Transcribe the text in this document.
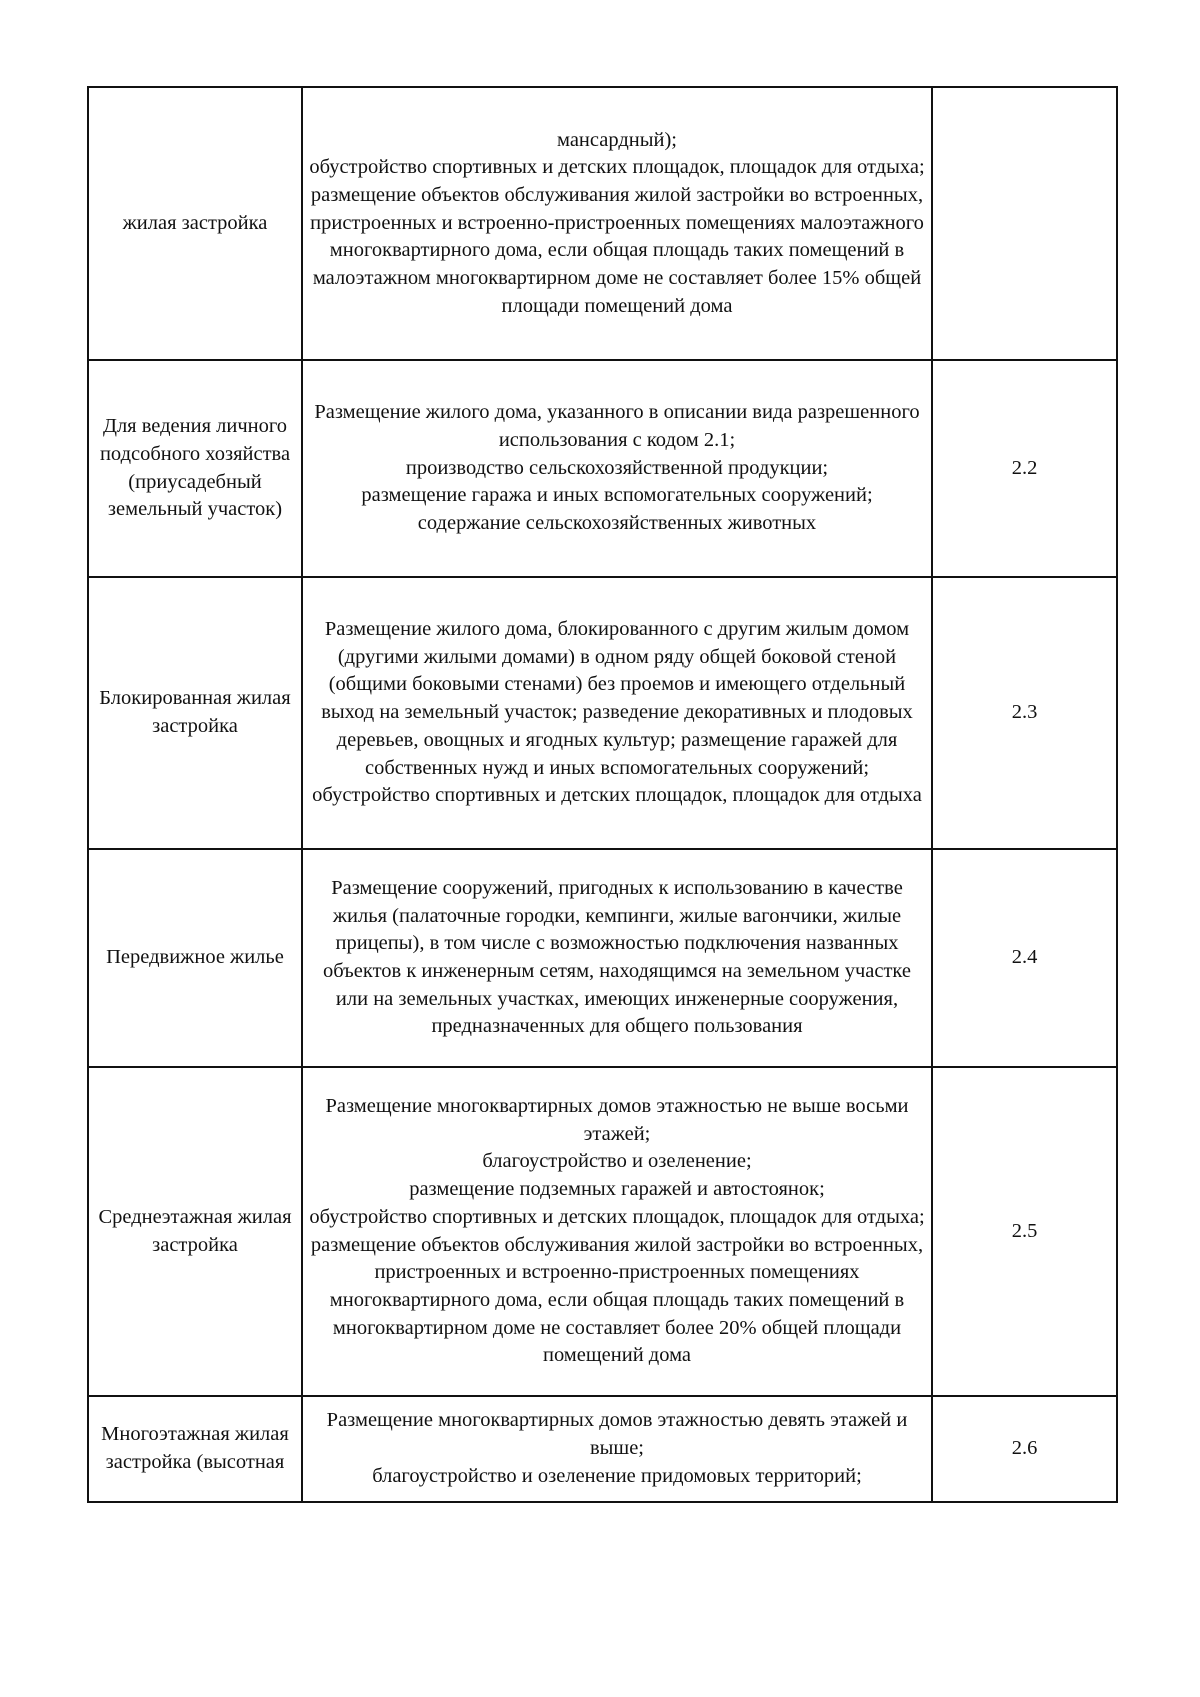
жилая застройка	мансардный);
обустройство спортивных и детских площадок, площадок для отдыха;
размещение объектов обслуживания жилой застройки во встроенных, пристроенных и встроенно-пристроенных помещениях малоэтажного многоквартирного дома, если общая площадь таких помещений в малоэтажном многоквартирном доме не составляет более 15% общей площади помещений дома	
Для ведения личного подсобного хозяйства (приусадебный земельный участок)	Размещение жилого дома, указанного в описании вида разрешенного использования с кодом 2.1;
производство сельскохозяйственной продукции;
размещение гаража и иных вспомогательных сооружений;
содержание сельскохозяйственных животных	2.2
Блокированная жилая застройка	Размещение жилого дома, блокированного с другим жилым домом (другими жилыми домами) в одном ряду общей боковой стеной (общими боковыми стенами) без проемов и имеющего отдельный выход на земельный участок; разведение декоративных и плодовых деревьев, овощных и ягодных культур; размещение гаражей для собственных нужд и иных вспомогательных сооружений; обустройство спортивных и детских площадок, площадок для отдыха	2.3
Передвижное жилье	Размещение сооружений, пригодных к использованию в качестве жилья (палаточные городки, кемпинги, жилые вагончики, жилые прицепы), в том числе с возможностью подключения названных объектов к инженерным сетям, находящимся на земельном участке или на земельных участках, имеющих инженерные сооружения, предназначенных для общего пользования	2.4
Среднеэтажная жилая застройка	Размещение многоквартирных домов этажностью не выше восьми этажей;
благоустройство и озеленение;
размещение подземных гаражей и автостоянок;
обустройство спортивных и детских площадок, площадок для отдыха;
размещение объектов обслуживания жилой застройки во встроенных, пристроенных и встроенно-пристроенных помещениях многоквартирного дома, если общая площадь таких помещений в многоквартирном доме не составляет более 20% общей площади помещений дома	2.5
Многоэтажная жилая застройка (высотная	Размещение многоквартирных домов этажностью девять этажей и выше;
благоустройство и озеленение придомовых территорий;	2.6
